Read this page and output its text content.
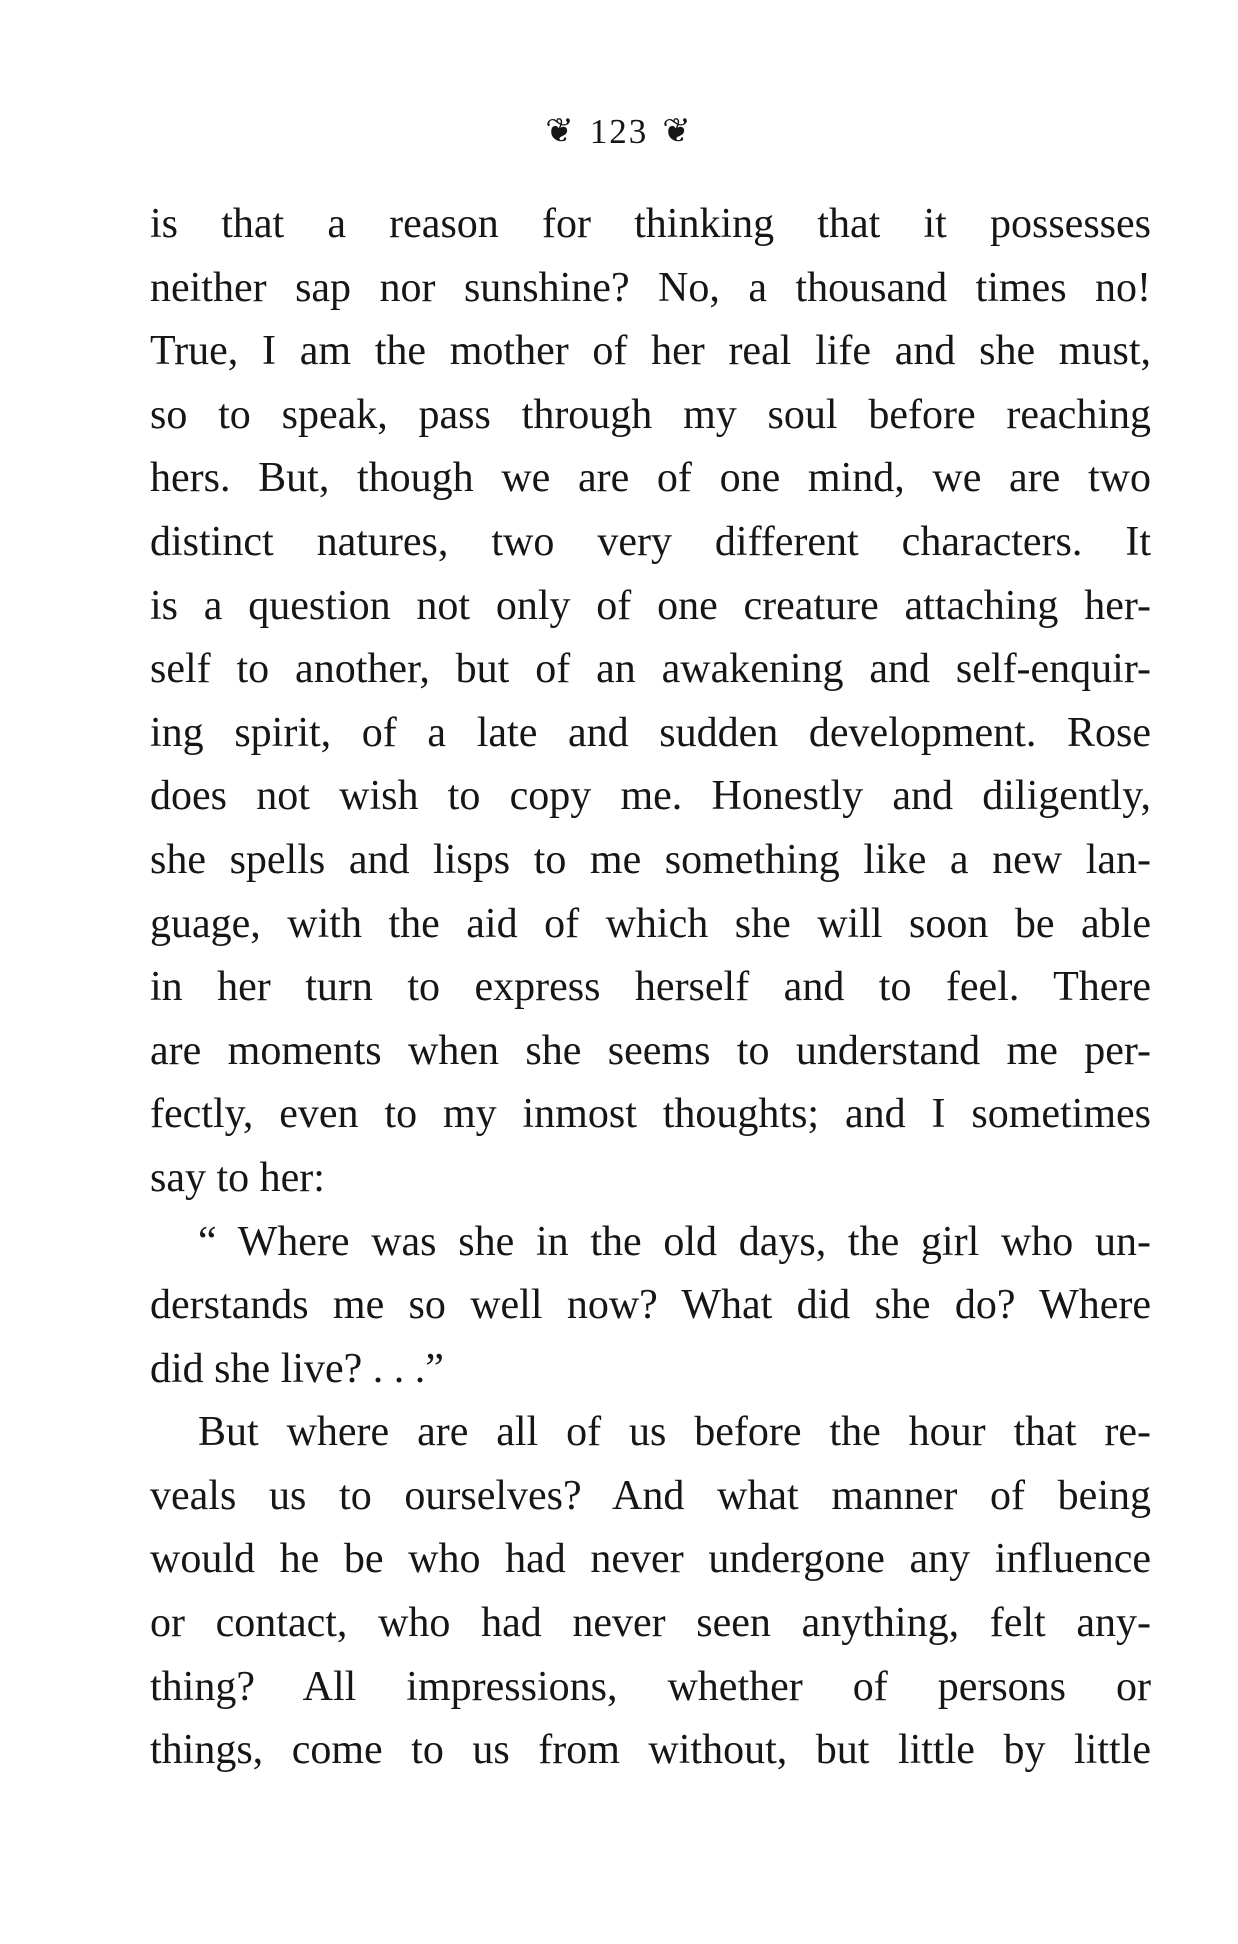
❦ 123 ❦
is that a reason for thinking that it possesses
neither sap nor sunshine? No, a thousand times no!
True, I am the mother of her real life and she must,
so to speak, pass through my soul before reaching
hers. But, though we are of one mind, we are two
distinct natures, two very different characters. It
is a question not only of one creature attaching her-
self to another, but of an awakening and self-enquir-
ing spirit, of a late and sudden development. Rose
does not wish to copy me. Honestly and diligently,
she spells and lisps to me something like a new lan-
guage, with the aid of which she will soon be able
in her turn to express herself and to feel. There
are moments when she seems to understand me per-
fectly, even to my inmost thoughts; and I sometimes
say to her:
“ Where was she in the old days, the girl who un-
derstands me so well now? What did she do? Where
did she live? . . .”
But where are all of us before the hour that re-
veals us to ourselves? And what manner of being
would he be who had never undergone any influence
or contact, who had never seen anything, felt any-
thing? All impressions, whether of persons or
things, come to us from without, but little by little
